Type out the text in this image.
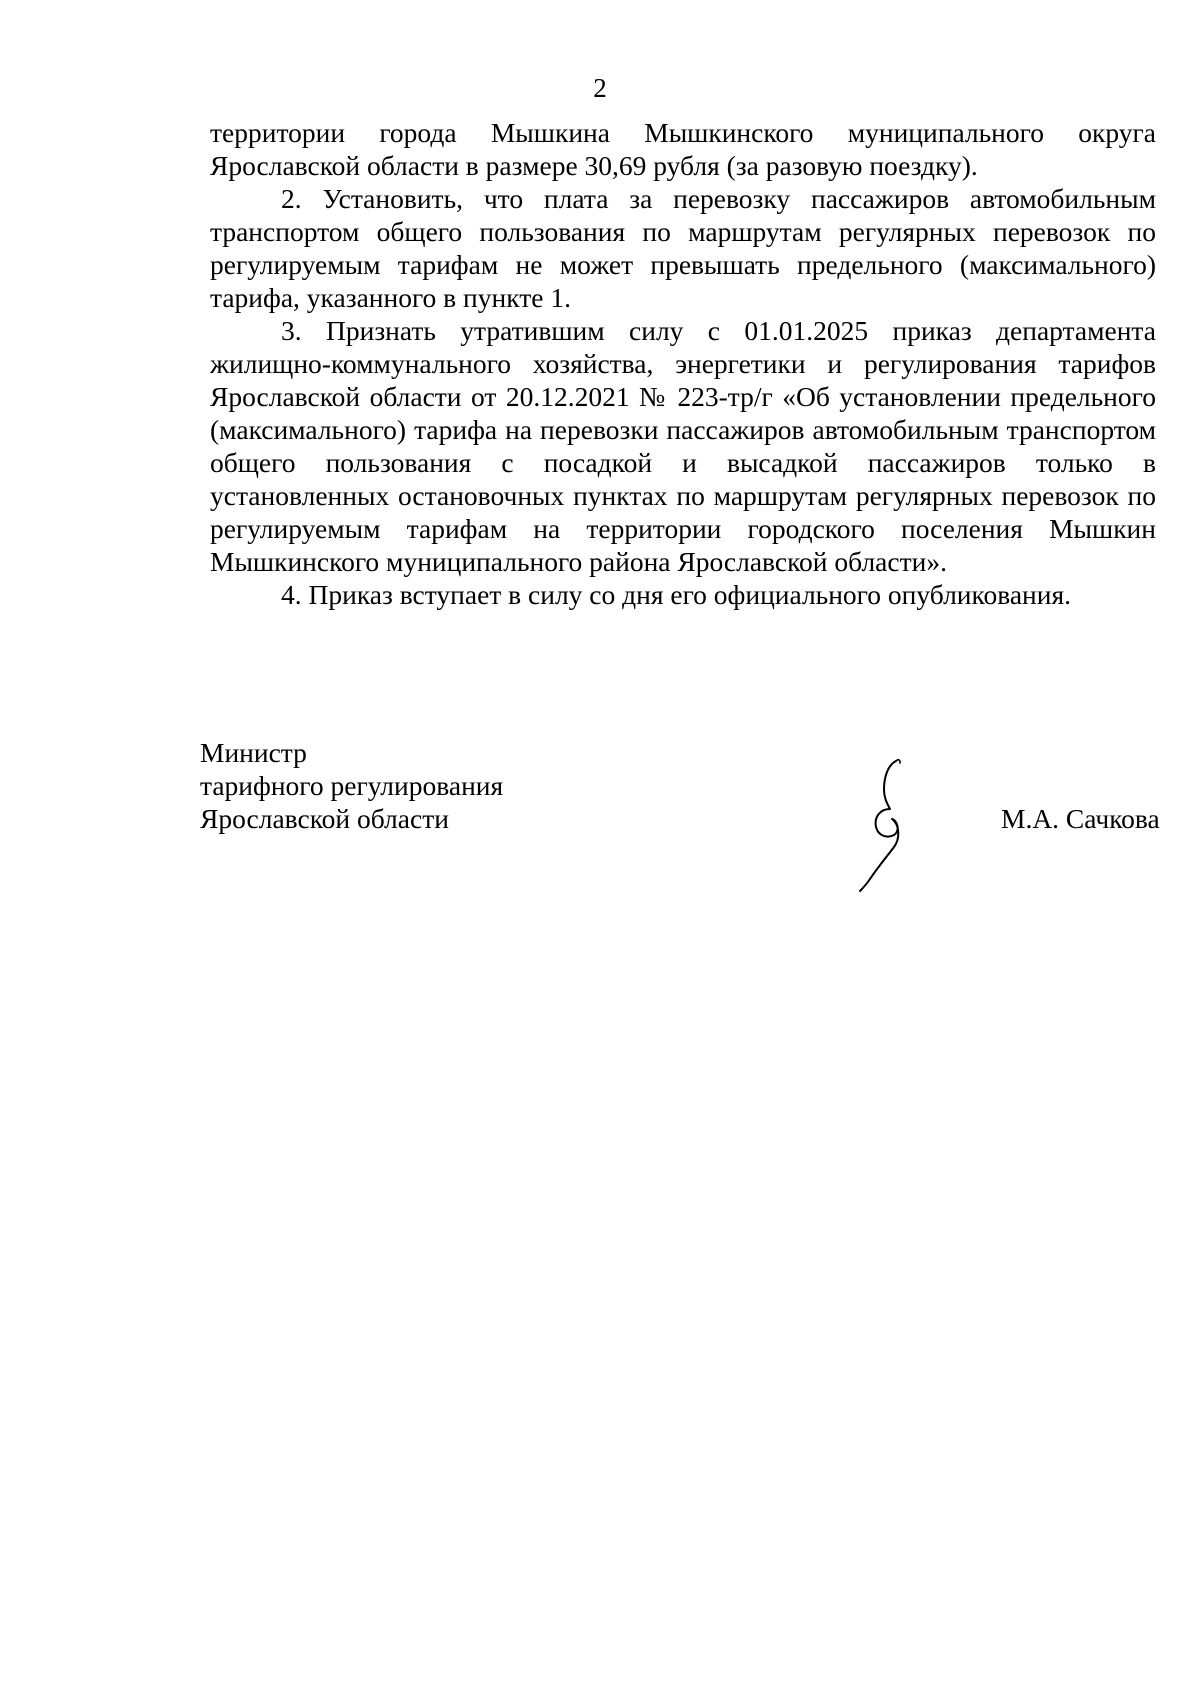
2

территории города Мышкина Мышкинского муниципального округа Ярославской области в размере 30,69 рубля (за разовую поездку).

2. Установить, что плата за перевозку пассажиров автомобильным транспортом общего пользования по маршрутам регулярных перевозок по регулируемым тарифам не может превышать предельного (максимального) тарифа, указанного в пункте 1.

3. Признать утратившим силу с 01.01.2025 приказ департамента жилищно-коммунального хозяйства, энергетики и регулирования тарифов Ярославской области от 20.12.2021 № 223-тр/г «Об установлении предельного (максимального) тарифа на перевозки пассажиров автомобильным транспортом общего пользования с посадкой и высадкой пассажиров только в установленных остановочных пунктах по маршрутам регулярных перевозок по регулируемым тарифам на территории городского поселения Мышкин Мышкинского муниципального района Ярославской области».

4. Приказ вступает в силу со дня его официального опубликования.

Министр
тарифного регулирования
Ярославской области	М.А. Сачкова
